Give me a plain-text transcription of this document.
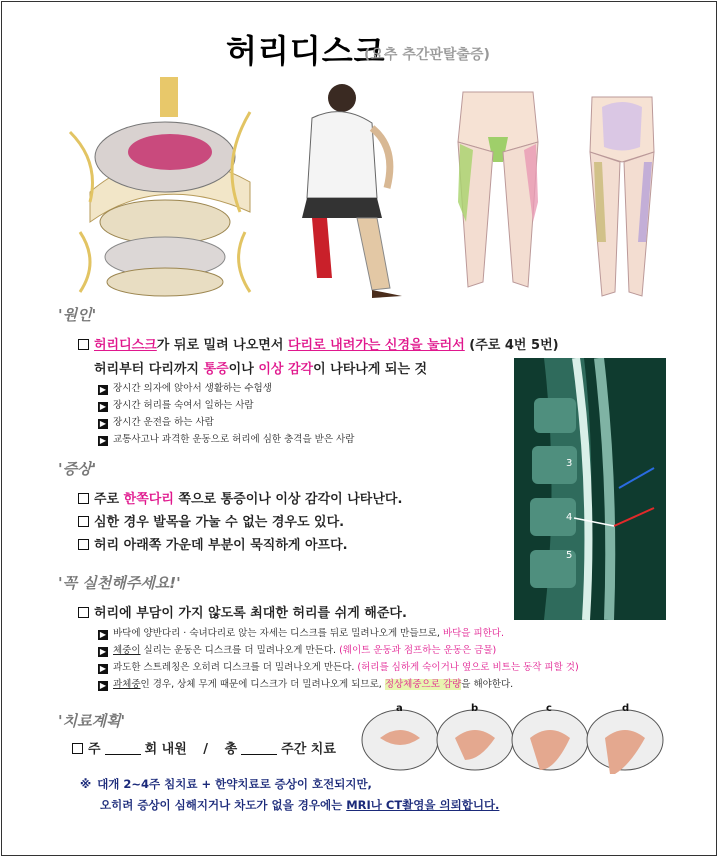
허리디스크
(요추 추간판탈출증)
'원인'
허리디스크가 뒤로 밀려 나오면서 다리로 내려가는 신경을 눌러서 (주로 4번 5번)
허리부터 다리까지 통증이나 이상 감각이 나타나게 되는 것
▶ 장시간 의자에 앉아서 생활하는 수험생
▶ 장시간 허리를 숙여서 일하는 사람
▶ 장시간 운전을 하는 사람
▶ 교통사고나 과격한 운동으로 허리에 심한 충격을 받은 사람
3
4
5
'증상'
주로 한쪽다리 쪽으로 통증이나 이상 감각이 나타난다.
심한 경우 발목을 가눌 수 없는 경우도 있다.
허리 아래쪽 가운데 부분이 묵직하게 아프다.
'꼭 실천해주세요!'
허리에 부담이 가지 않도록 최대한 허리를 쉬게 해준다.
▶ 바닥에 양반다리 · 숙녀다리로 앉는 자세는 디스크를 뒤로 밀려나오게 만들므로, 바닥을 피한다.
▶ 체중이 실리는 운동은 디스크를 더 밀려나오게 만든다. (웨이트 운동과 점프하는 운동은 금물)
▶ 과도한 스트레칭은 오히려 디스크를 더 밀려나오게 만든다. (허리를 심하게 숙이거나 옆으로 비트는 동작 피할 것)
▶ 과체중인 경우, 상체 무게 때문에 디스크가 더 밀려나오게 되므로, 정상체중으로 감량을 해야한다.
'치료계획'
주	회 내원 / 총	주간 치료
a	b	c	d
※ 대개 2~4주 침치료 + 한약치료로 증상이 호전되지만,
오히려 증상이 심해지거나 차도가 없을 경우에는 MRI나 CT촬영을 의뢰합니다.
